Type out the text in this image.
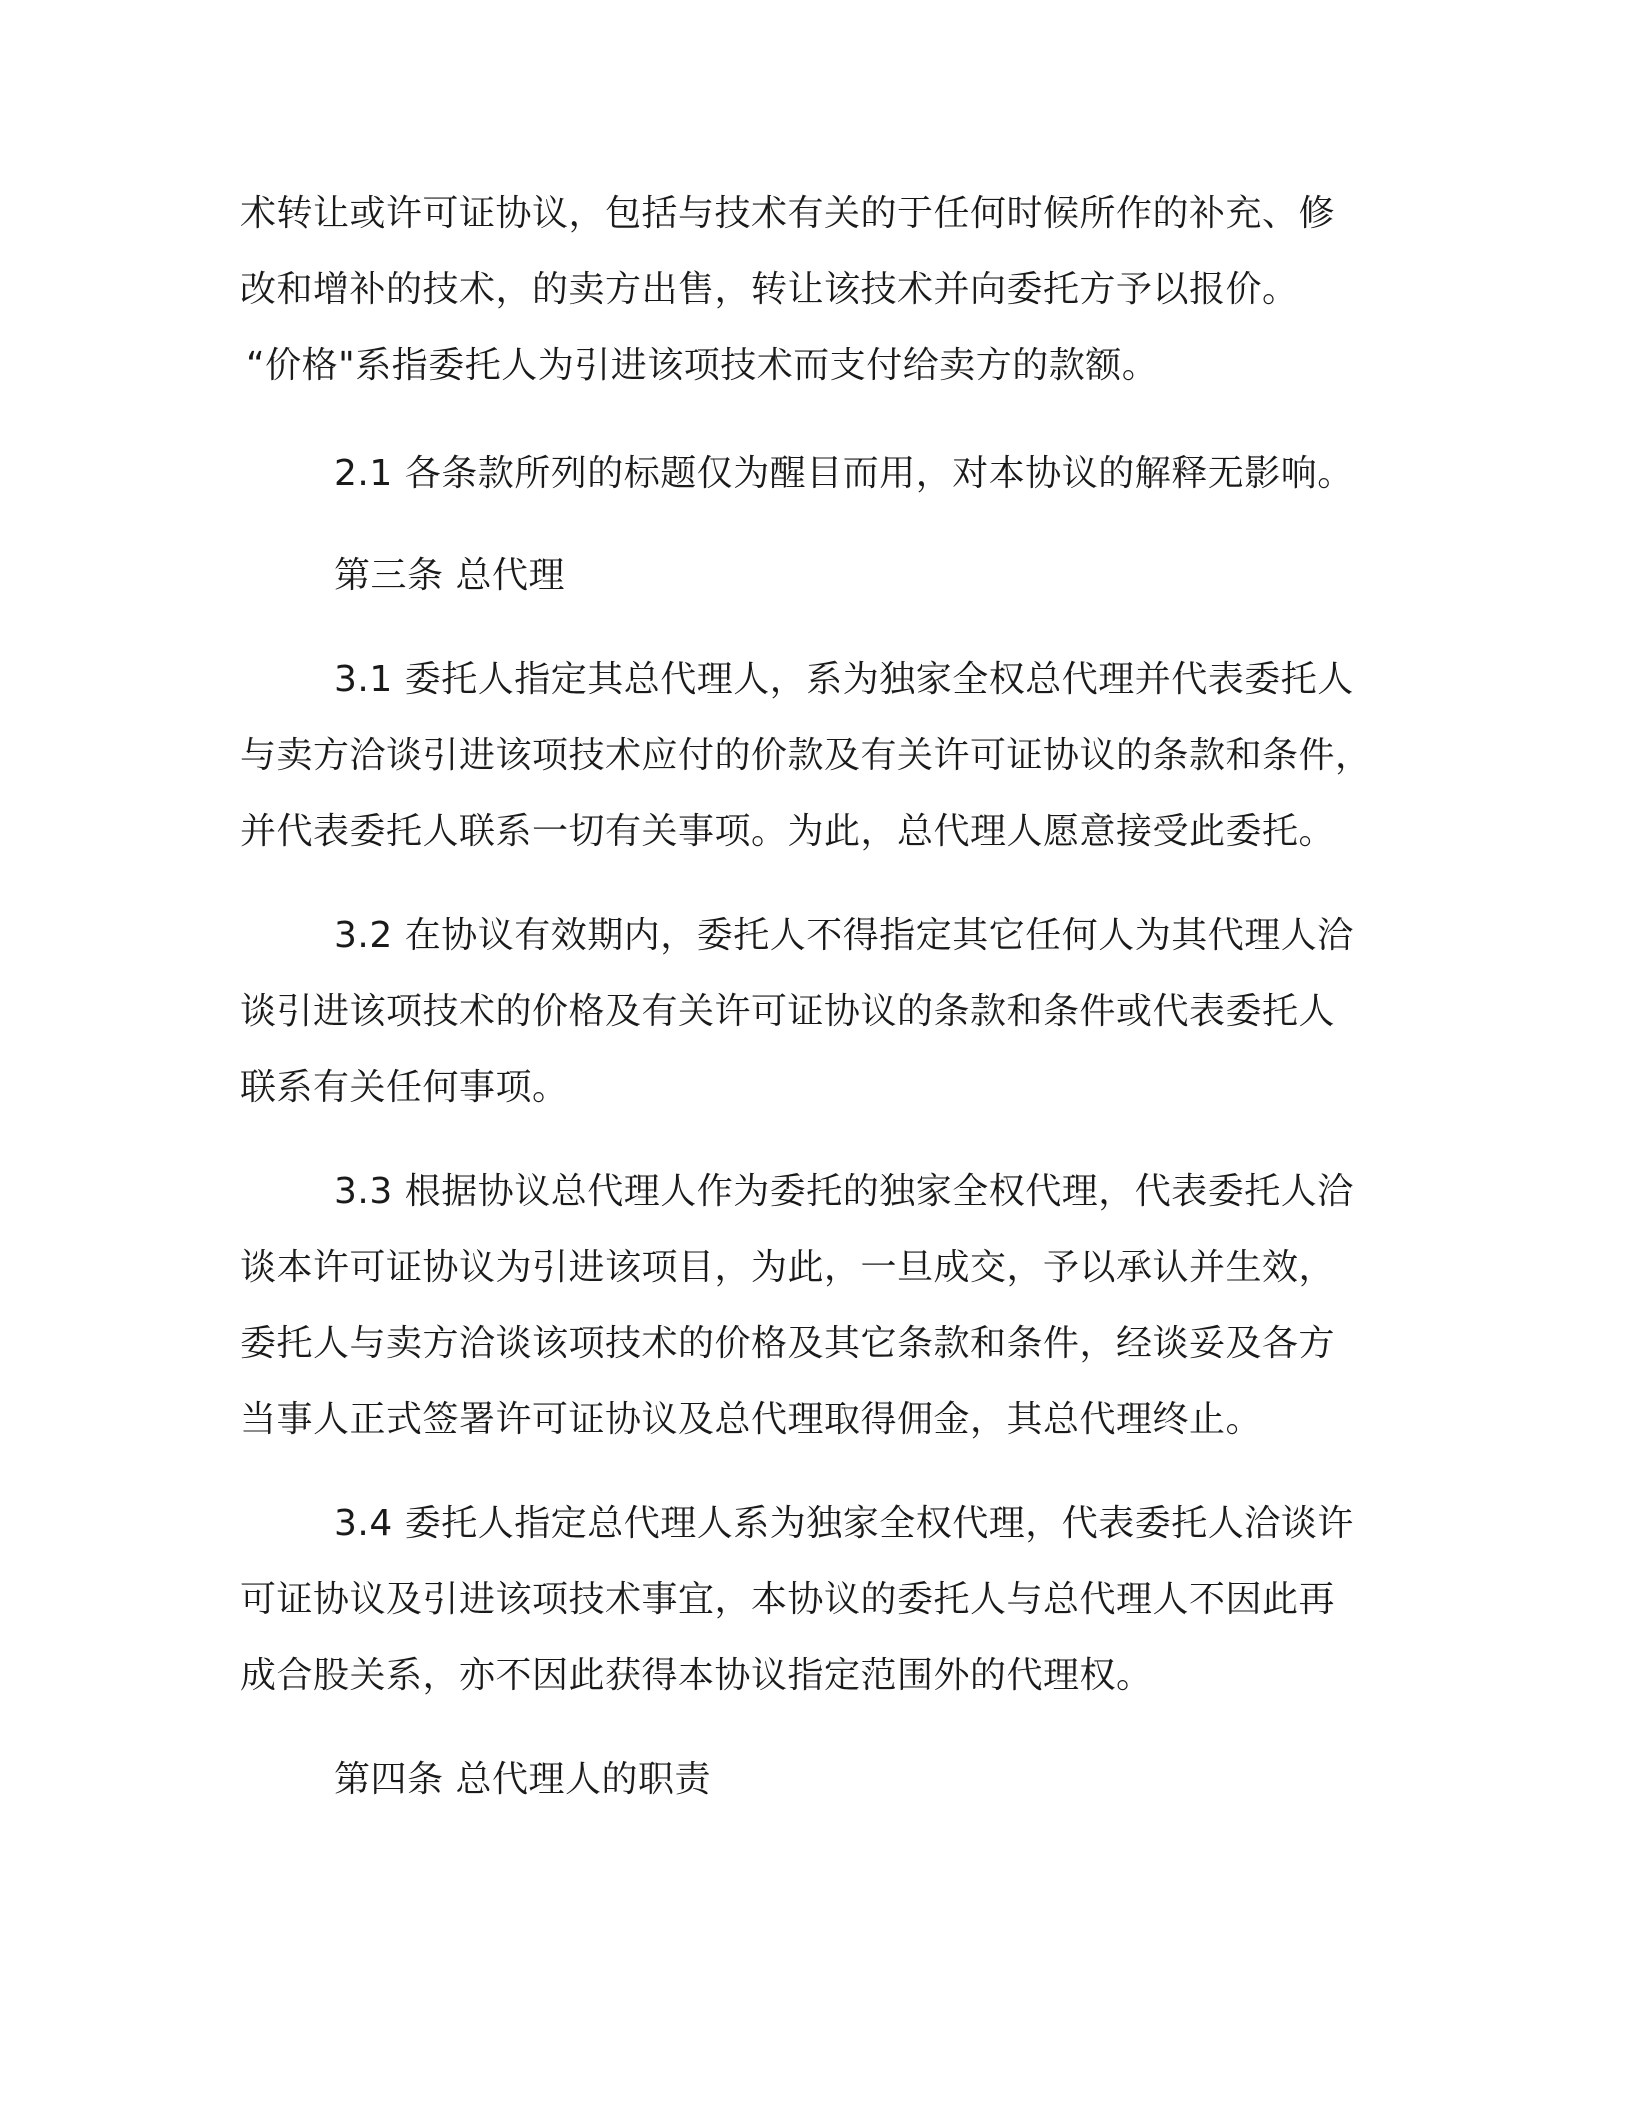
术转让或许可证协议，包括与技术有关的于任何时候所作的补充、修

改和增补的技术，的卖方出售，转让该技术并向委托方予以报价。

“价格"系指委托人为引进该项技术而支付给卖方的款额。

2.1 各条款所列的标题仅为醒目而用，对本协议的解释无影响。

第三条 总代理

3.1 委托人指定其总代理人，系为独家全权总代理并代表委托人

与卖方洽谈引进该项技术应付的价款及有关许可证协议的条款和条件，

并代表委托人联系一切有关事项。为此，总代理人愿意接受此委托。

3.2 在协议有效期内，委托人不得指定其它任何人为其代理人洽

谈引进该项技术的价格及有关许可证协议的条款和条件或代表委托人

联系有关任何事项。

3.3 根据协议总代理人作为委托的独家全权代理，代表委托人洽

谈本许可证协议为引进该项目，为此，一旦成交，予以承认并生效，

委托人与卖方洽谈该项技术的价格及其它条款和条件，经谈妥及各方

当事人正式签署许可证协议及总代理取得佣金，其总代理终止。

3.4 委托人指定总代理人系为独家全权代理，代表委托人洽谈许

可证协议及引进该项技术事宜，本协议的委托人与总代理人不因此再

成合股关系，亦不因此获得本协议指定范围外的代理权。

第四条 总代理人的职责
